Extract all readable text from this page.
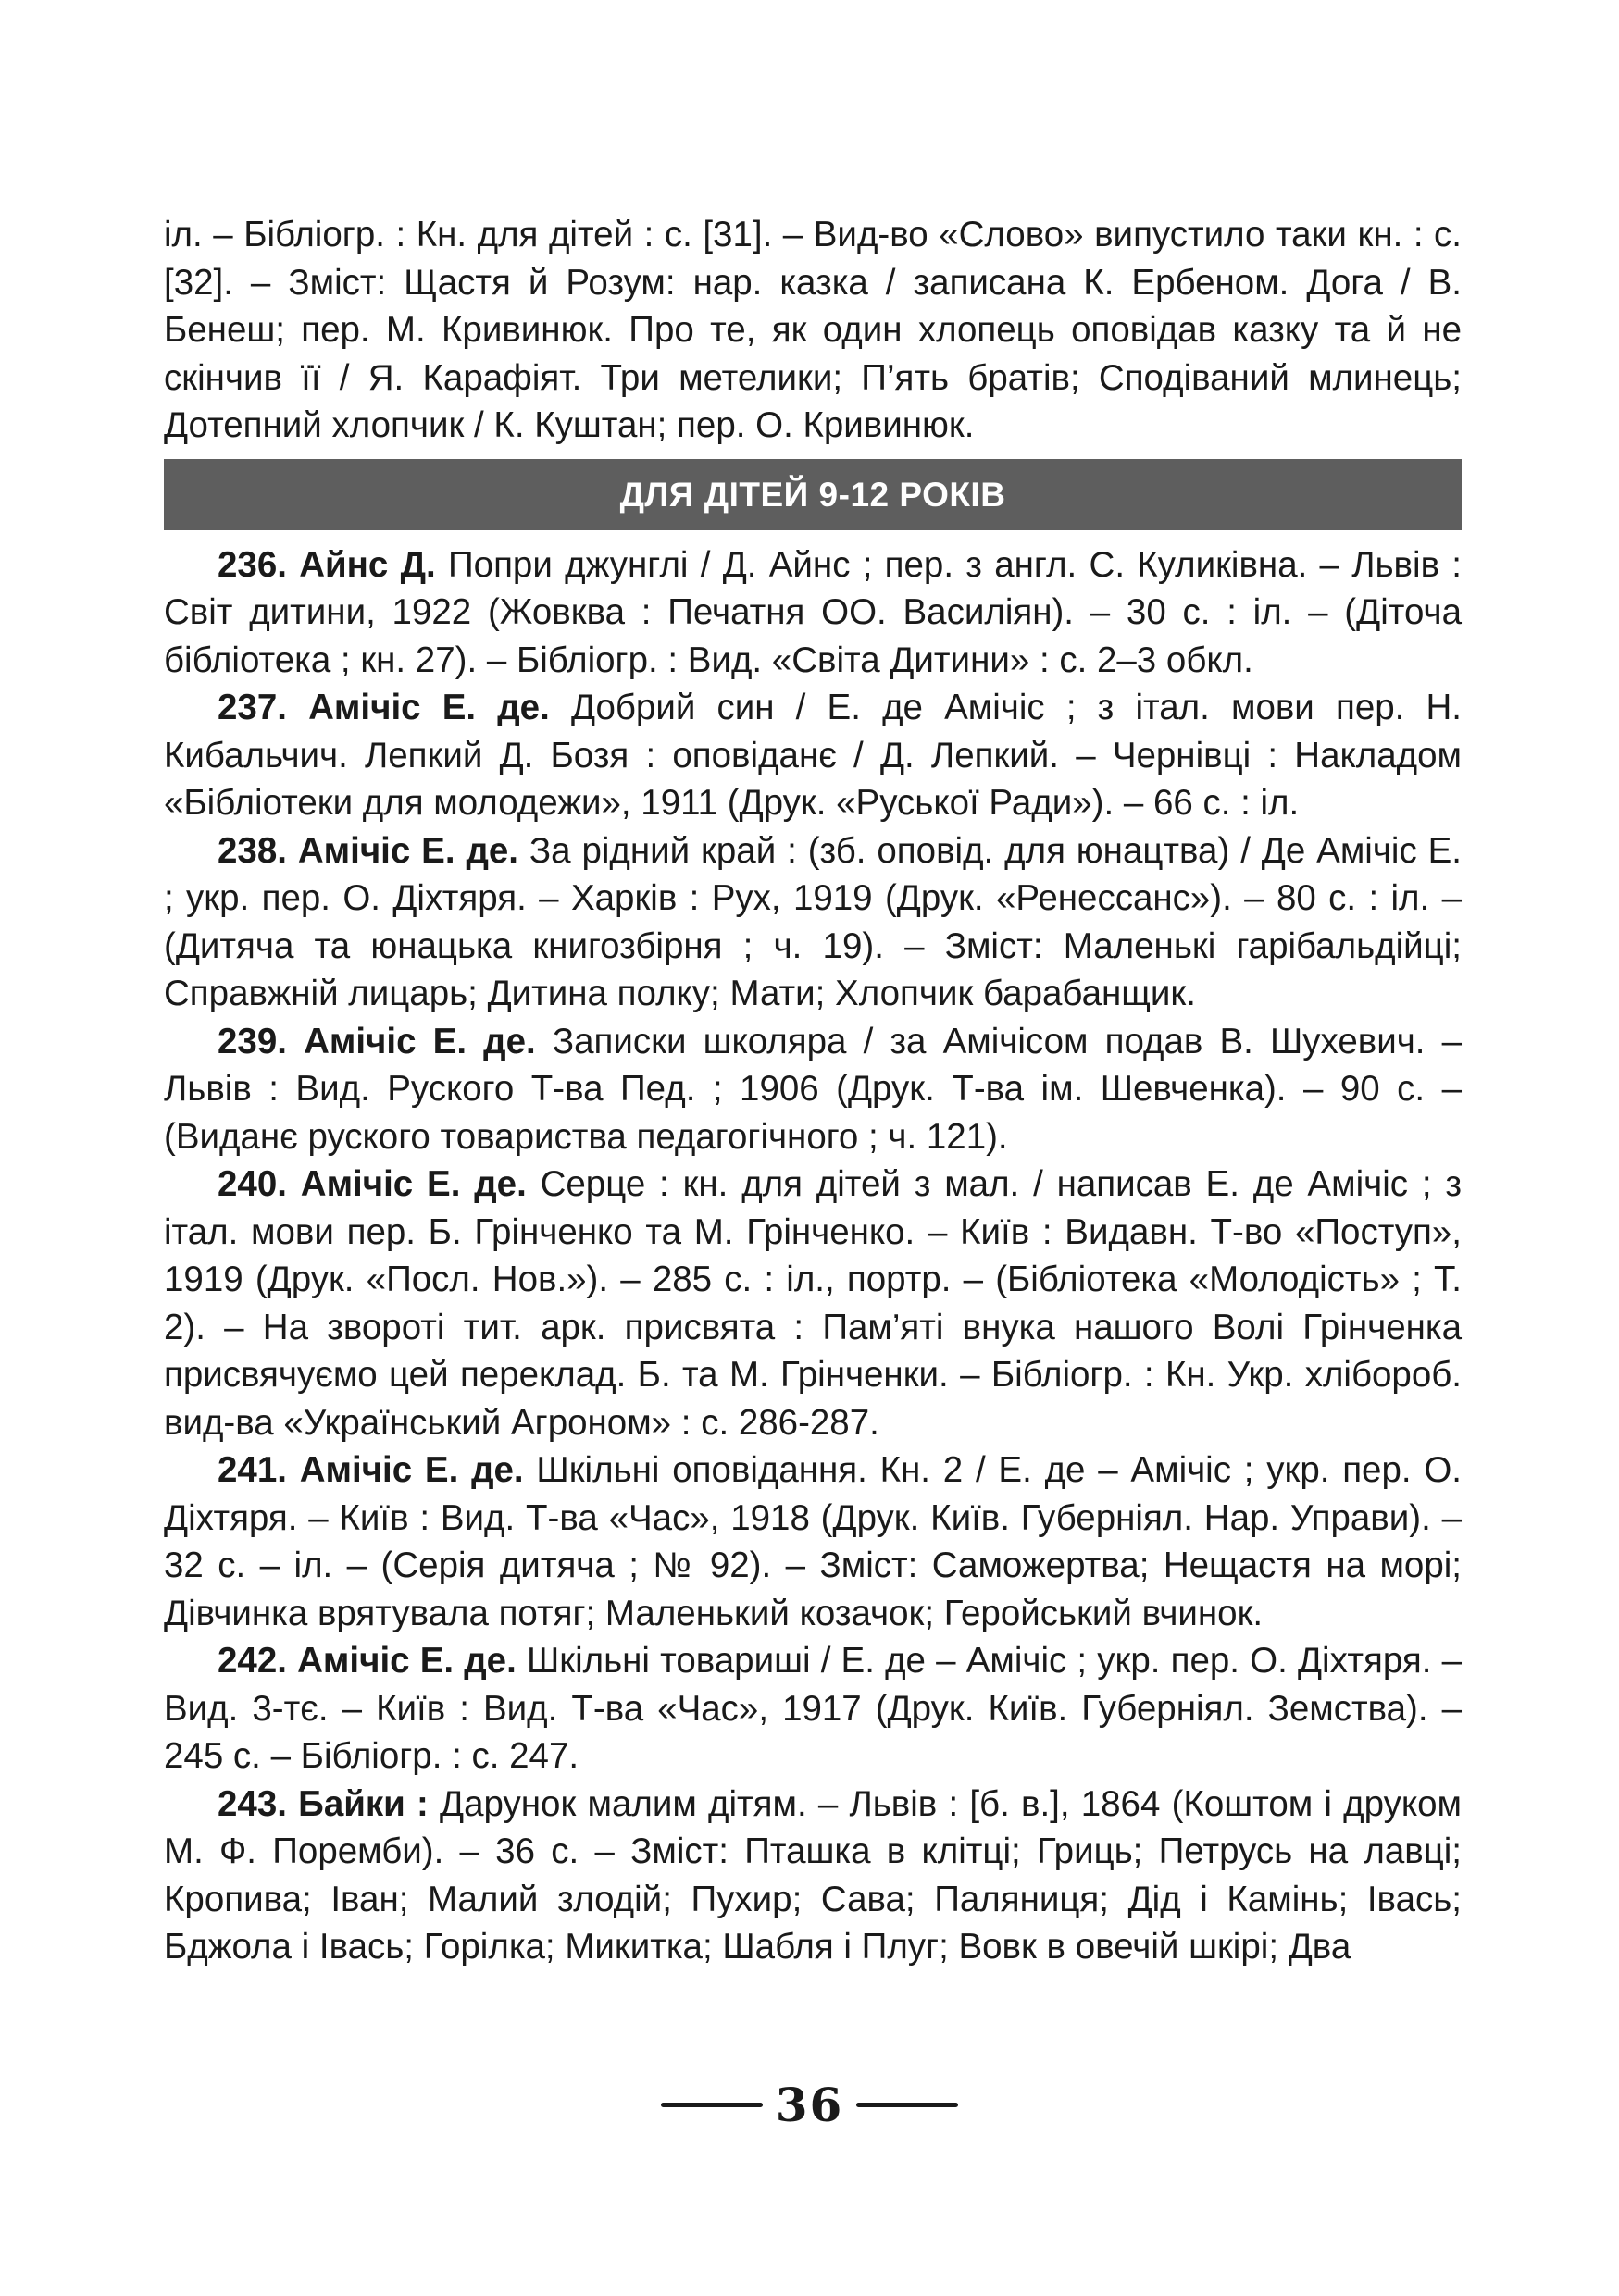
іл. – Бібліогр. : Кн. для дітей : с. [31]. – Вид-во «Слово» випустило таки кн. : с. [32]. – Зміст: Щастя й Розум: нар. казка / записана К. Ербеном. Дога / В. Бенеш; пер. М. Кривинюк. Про те, як один хлопець оповідав казку та й не скінчив її / Я. Карафіят. Три метелики; П’ять братів; Сподіваний млинець; Дотепний хлопчик / К. Куштан; пер. О. Кривинюк.

ДЛЯ ДІТЕЙ 9-12 РОКІВ

236. Айнс Д. Попри джунглі / Д. Айнс ; пер. з англ. С. Куликівна. – Львів : Світ дитини, 1922 (Жовква : Печатня ОО. Василіян). – 30 с. : іл. – (Діточа бібліотека ; кн. 27). – Бібліогр. : Вид. «Світа Дитини» : с. 2–3 обкл.

237. Амічіс Е. де. Добрий син / Е. де Амічіс ; з італ. мови пер. Н. Кибальчич. Лепкий Д. Бозя : оповіданє / Д. Лепкий. – Чернівці : Накладом «Бібліотеки для молодежи», 1911 (Друк. «Руської Ради»). – 66 с. : іл.

238. Амічіс Е. де. За рідний край : (зб. оповід. для юнацтва) / Де Амічіс Е. ; укр. пер. О. Діхтяря. – Харків : Рух, 1919 (Друк. «Ренессанс»). – 80 с. : іл. – (Дитяча та юнацька книгозбірня ; ч. 19). – Зміст: Маленькі гарібальдійці; Справжній лицарь; Дитина полку; Мати; Хлопчик барабанщик.

239. Амічіс Е. де. Записки школяра / за Амічісом подав В. Шухевич. – Львів : Вид. Руского Т-ва Пед. ; 1906 (Друк. Т-ва ім. Шевченка). – 90 с. – (Виданє руского товариства педагогічного ; ч. 121).

240. Амічіс Е. де. Серце : кн. для дітей з мал. / написав Е. де Амічіс ; з італ. мови пер. Б. Грінченко та М. Грінченко. – Київ : Видавн. Т-во «Поступ», 1919 (Друк. «Посл. Нов.»). – 285 с. : іл., портр. – (Бібліотека «Молодість» ; Т. 2). – На звороті тит. арк. присвята : Пам’яті внука нашого Волі Грінченка присвячуємо цей переклад. Б. та М. Грінченки. – Бібліогр. : Кн. Укр. хлібороб. вид-ва «Український Агроном» : с. 286-287.

241. Амічіс Е. де. Шкільні оповідання. Кн. 2 / Е. де – Амічіс ; укр. пер. О. Діхтяря. – Київ : Вид. Т-ва «Час», 1918 (Друк. Київ. Губерніял. Нар. Управи). – 32 с. – іл. – (Серія дитяча ; № 92). – Зміст: Саможертва; Нещастя на морі; Дівчинка врятувала потяг; Маленький козачок; Геройський вчинок.

242. Амічіс Е. де. Шкільні товариші / Е. де – Амічіс ; укр. пер. О. Діхтяря. – Вид. 3-тє. – Київ : Вид. Т-ва «Час», 1917 (Друк. Київ. Губерніял. Земства). – 245 с. – Бібліогр. : с. 247.

243. Байки : Дарунок малим дітям. – Львів : [б. в.], 1864 (Коштом і друком М. Ф. Поремби). – 36 с. – Зміст: Пташка в клітці; Гриць; Петрусь на лавці; Кропива; Іван; Малий злодій; Пухир; Сава; Паляниця; Дід і Камінь; Івась; Бджола і Івась; Горілка; Микитка; Шабля і Плуг; Вовк в овечій шкірі; Два

36
